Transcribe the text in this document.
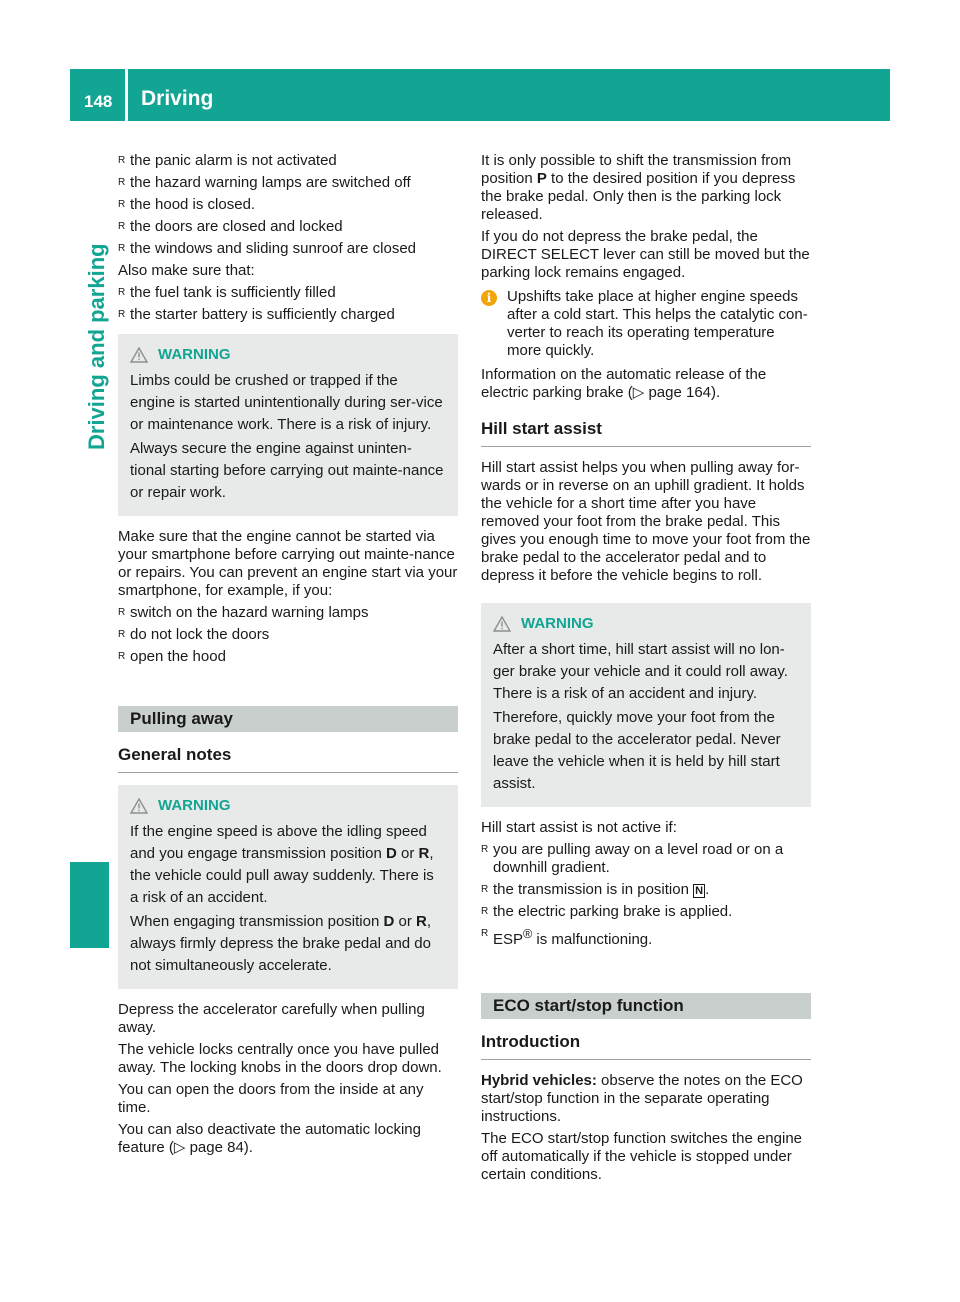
148 Driving
Driving and parking
R the panic alarm is not activated
R the hazard warning lamps are switched off
R the hood is closed.
R the doors are closed and locked
R the windows and sliding sunroof are closed

Also make sure that:

R the fuel tank is sufficiently filled
R the starter battery is sufficiently charged
WARNING

Limbs could be crushed or trapped if the engine is started unintentionally during ser-vice or maintenance work. There is a risk of injury.

Always secure the engine against uninten-tional starting before carrying out mainte-nance or repair work.

Make sure that the engine cannot be started via your smartphone before carrying out mainte-nance or repairs. You can prevent an engine start via your smartphone, for example, if you:

R switch on the hazard warning lamps
R do not lock the doors
R open the hood
Pulling away
General notes
WARNING

If the engine speed is above the idling speed and you engage transmission position D or R, the vehicle could pull away suddenly. There is a risk of an accident.

When engaging transmission position D or R, always firmly depress the brake pedal and do not simultaneously accelerate.

Depress the accelerator carefully when pulling away.

The vehicle locks centrally once you have pulled away. The locking knobs in the doors drop down.

You can open the doors from the inside at any time.

You can also deactivate the automatic locking feature (▷ page 84).

It is only possible to shift the transmission from position P to the desired position if you depress the brake pedal. Only then is the parking lock released.

If you do not depress the brake pedal, the DIRECT SELECT lever can still be moved but the parking lock remains engaged.

i	Upshifts take place at higher engine speeds after a cold start. This helps the catalytic con-verter to reach its operating temperature more quickly.

Information on the automatic release of the electric parking brake (▷ page 164).

Hill start assist

Hill start assist helps you when pulling away for-wards or in reverse on an uphill gradient. It holds the vehicle for a short time after you have removed your foot from the brake pedal. This gives you enough time to move your foot from the brake pedal to the accelerator pedal and to depress it before the vehicle begins to roll.

WARNING

After a short time, hill start assist will no lon-ger brake your vehicle and it could roll away. There is a risk of an accident and injury.

Therefore, quickly move your foot from the brake pedal to the accelerator pedal. Never leave the vehicle when it is held by hill start assist.

Hill start assist is not active if:

R you are pulling away on a level road or on a downhill gradient.
R the transmission is in position N .
R the electric parking brake is applied.
R ESP® is malfunctioning.
ECO start/stop function
Introduction

Hybrid vehicles: observe the notes on the ECO start/stop function in the separate operating instructions.

The ECO start/stop function switches the engine off automatically if the vehicle is stopped under certain conditions.
